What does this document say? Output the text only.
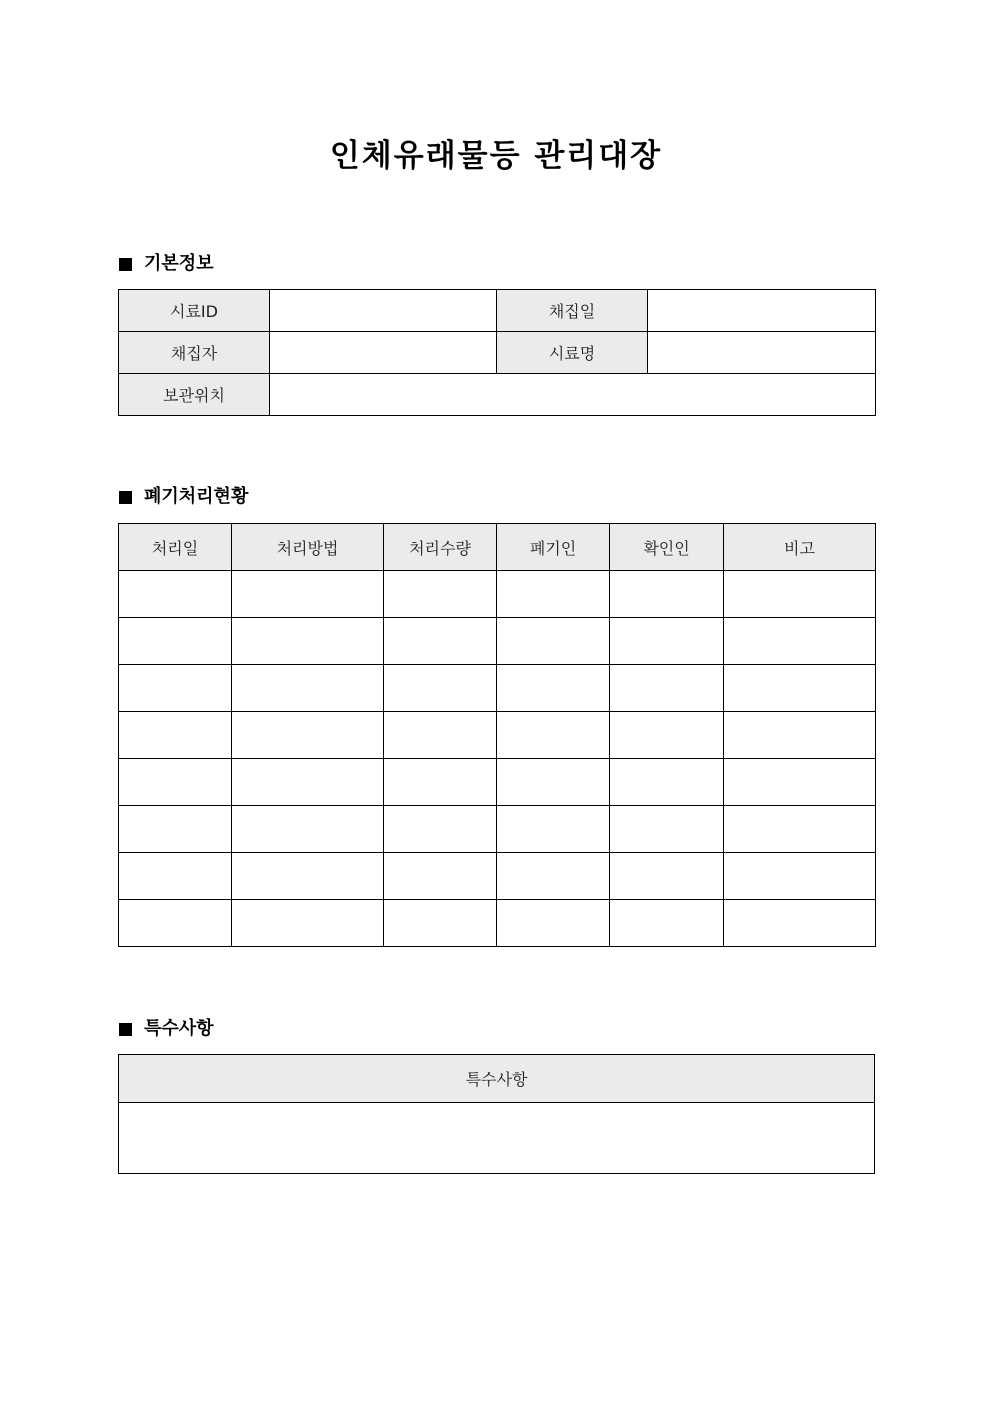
인체유래물등 관리대장
기본정보
시료ID		채집일	
채집자		시료명	
보관위치			
폐기처리현황
처리일	처리방법	처리수량	폐기인	확인인	비고

특수사항
특수사항
